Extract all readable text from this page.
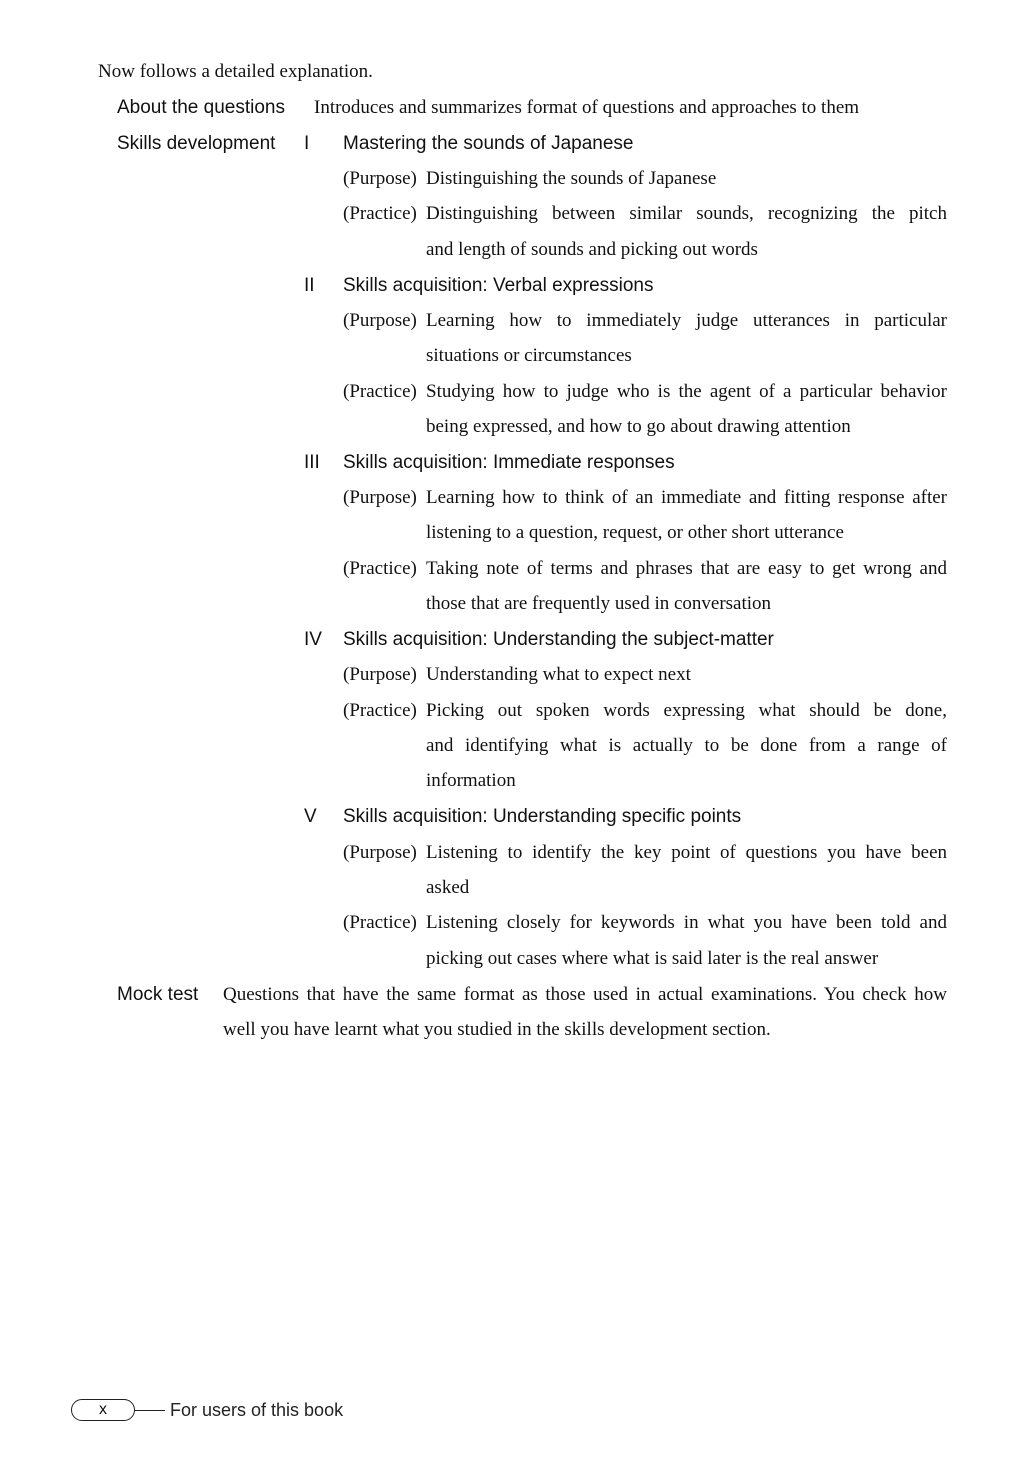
Now follows a detailed explanation.
About the questions Introduces and summarizes format of questions and approaches to them
Skills development I Mastering the sounds of Japanese
(Purpose) Distinguishing the sounds of Japanese
(Practice) Distinguishing between similar sounds, recognizing the pitch
and length of sounds and picking out words
II Skills acquisition: Verbal expressions
(Purpose) Learning how to immediately judge utterances in particular
situations or circumstances
(Practice) Studying how to judge who is the agent of a particular behavior
being expressed, and how to go about drawing attention
III Skills acquisition: Immediate responses
(Purpose) Learning how to think of an immediate and fitting response after
listening to a question, request, or other short utterance
(Practice) Taking note of terms and phrases that are easy to get wrong and
those that are frequently used in conversation
IV Skills acquisition: Understanding the subject-matter
(Purpose) Understanding what to expect next
(Practice) Picking out spoken words expressing what should be done,
and identifying what is actually to be done from a range of
information
V Skills acquisition: Understanding specific points
(Purpose) Listening to identify the key point of questions you have been
asked
(Practice) Listening closely for keywords in what you have been told and
picking out cases where what is said later is the real answer
Mock test Questions that have the same format as those used in actual examinations. You check how
well you have learnt what you studied in the skills development section.
x	For users of this book
